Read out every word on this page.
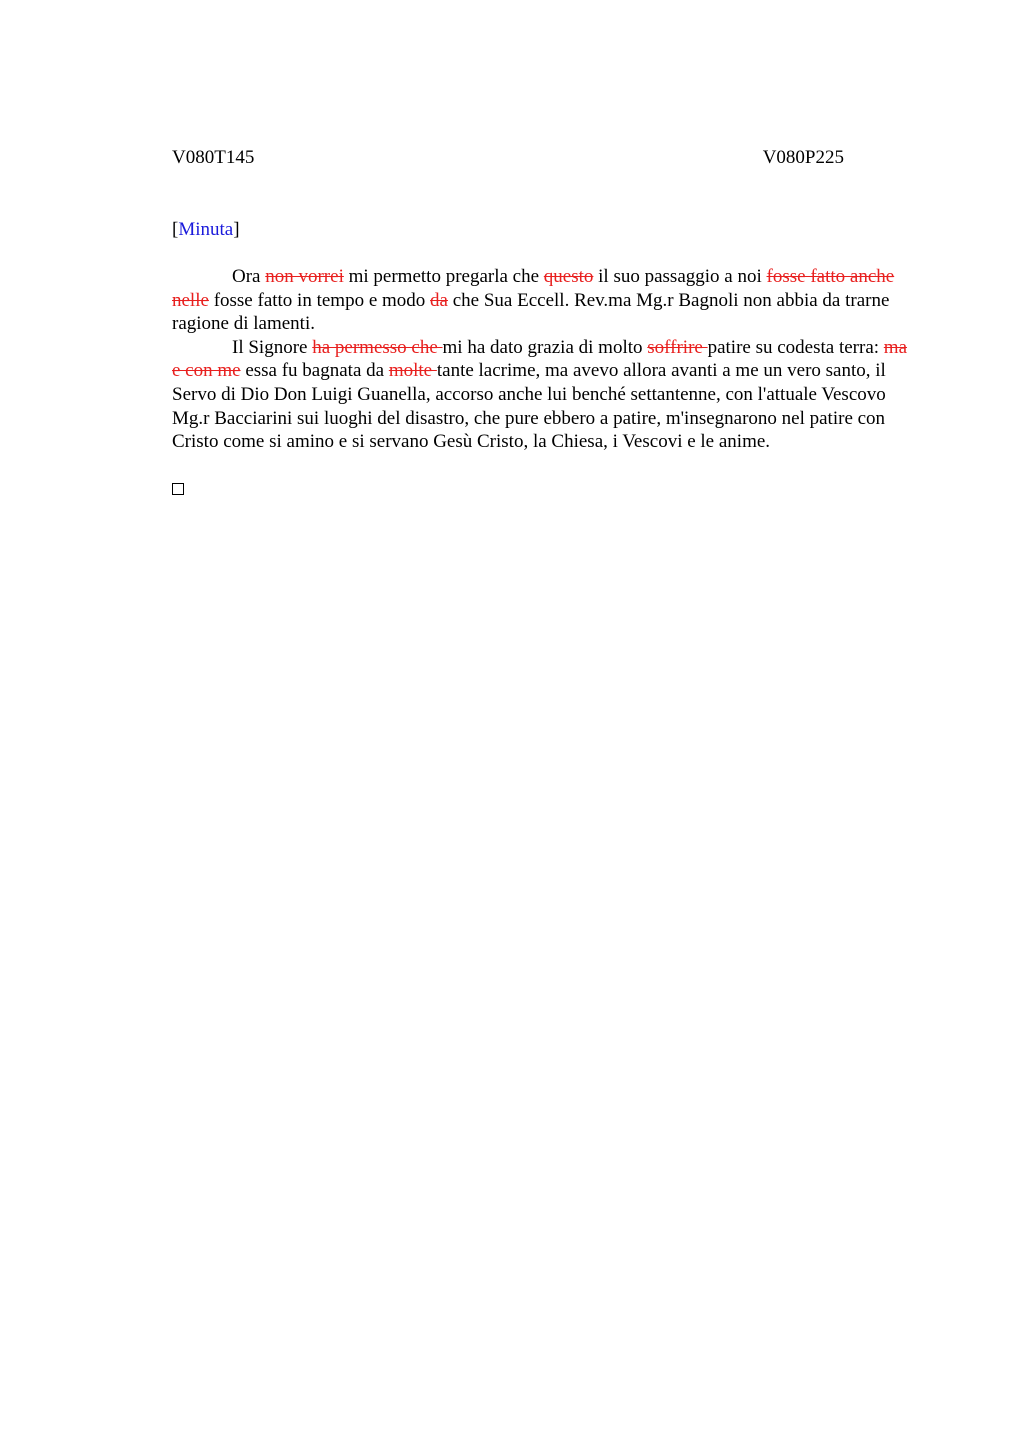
V080T145	V080P225
[Minuta]

Ora non vorrei mi permetto pregarla che questo il suo passaggio a noi fosse fatto anche nelle fosse fatto in tempo e modo da che Sua Eccell. Rev.ma Mg.r Bagnoli non abbia da trarne ragione di lamenti.

Il Signore ha permesso che mi ha dato grazia di molto soffrire patire su codesta terra: ma e con me essa fu bagnata da molte tante lacrime, ma avevo allora avanti a me un vero santo, il Servo di Dio Don Luigi Guanella, accorso anche lui benché settantenne, con l'attuale Vescovo Mg.r Bacciarini sui luoghi del disastro, che pure ebbero a patire, m'insegnarono nel patire con Cristo come si amino e si servano Gesù Cristo, la Chiesa, i Vescovi e le anime.
